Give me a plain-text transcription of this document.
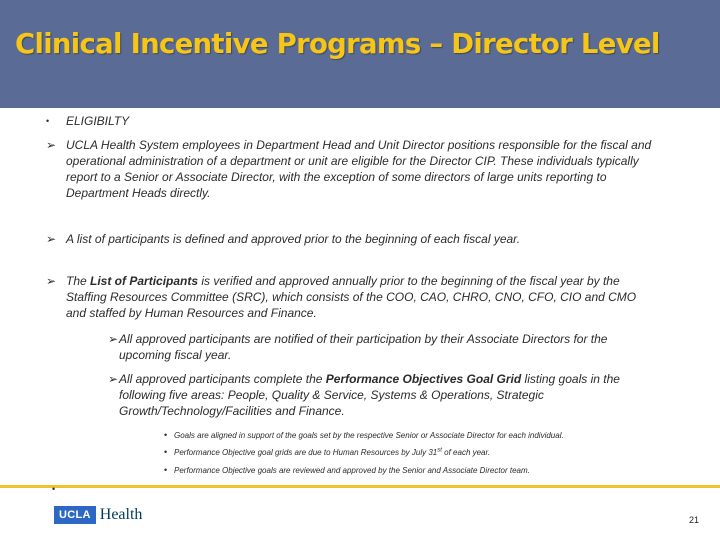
Clinical Incentive Programs – Director Level
•	ELIGIBILTY
➢ UCLA Health System employees in Department Head and Unit Director positions responsible for the fiscal and operational administration of a department or unit are eligible for the Director CIP. These individuals typically report to a Senior or Associate Director, with the exception of some directors of large units reporting to Department Heads directly.
➢ A list of participants is defined and approved prior to the beginning of each fiscal year.
➢ The List of Participants is verified and approved annually prior to the beginning of the fiscal year by the Staffing Resources Committee (SRC), which consists of the COO, CAO, CHRO, CNO, CFO, CIO and CMO and staffed by Human Resources and Finance.
➢ All approved participants are notified of their participation by their Associate Directors for the upcoming fiscal year.
➢ All approved participants complete the Performance Objectives Goal Grid listing goals in the following five areas: People, Quality & Service, Systems & Operations, Strategic Growth/Technology/Facilities and Finance.
• Goals are aligned in support of the goals set by the respective Senior or Associate Director for each individual.
• Performance Objective goal grids are due to Human Resources by July 31st of each year.
• Performance Objective goals are reviewed and approved by the Senior and Associate Director team.
•
UCLA Health	21
